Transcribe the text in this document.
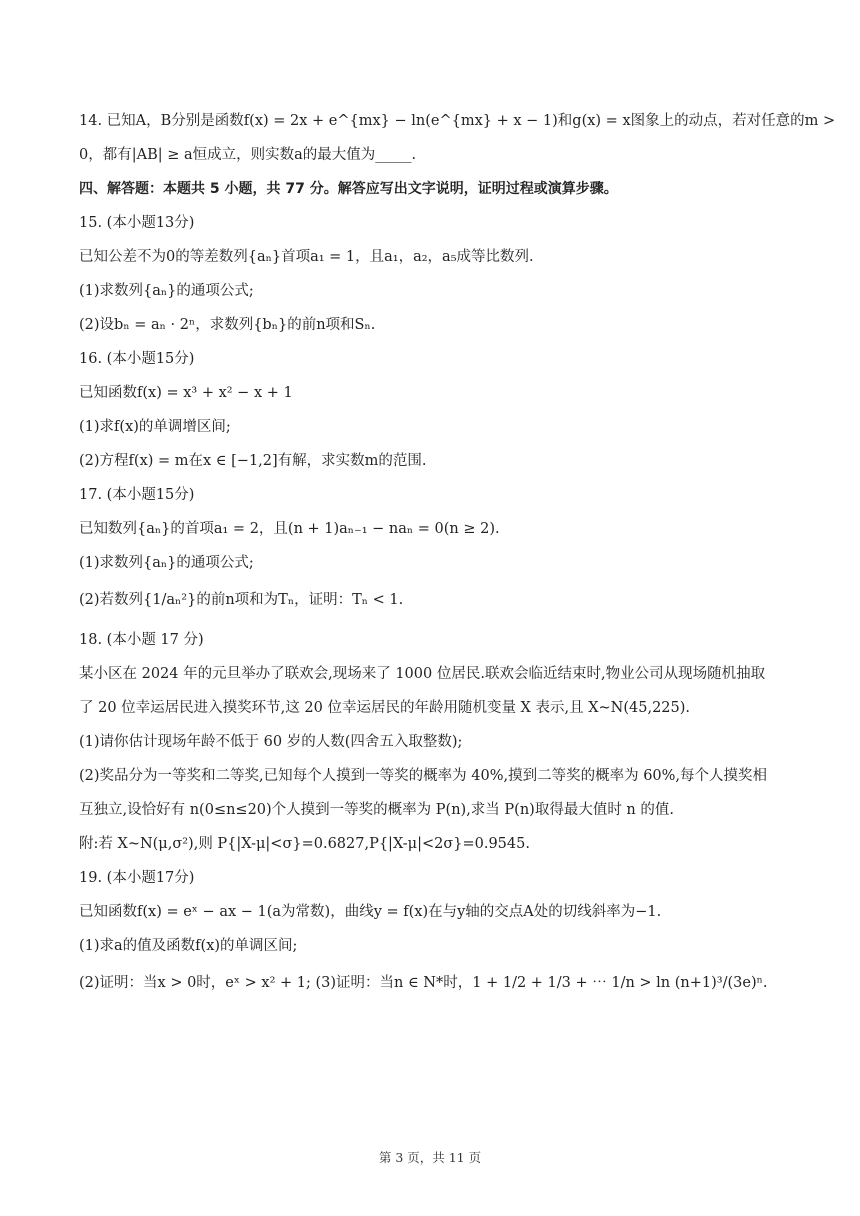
14. 已知A，B分别是函数f(x) = 2x + e^{mx} − ln(e^{mx} + x − 1)和g(x) = x图象上的动点，若对任意的m >
0，都有|AB| ≥ a恒成立，则实数a的最大值为_____.
四、解答题：本题共 5 小题，共 77 分。解答应写出文字说明，证明过程或演算步骤。
15. (本小题13分)
已知公差不为0的等差数列{aₙ}首项a₁ = 1，且a₁，a₂，a₅成等比数列.
(1)求数列{aₙ}的通项公式;
(2)设bₙ = aₙ · 2ⁿ，求数列{bₙ}的前n项和Sₙ.
16. (本小题15分)
已知函数f(x) = x³ + x² − x + 1
(1)求f(x)的单调增区间;
(2)方程f(x) = m在x ∈ [−1,2]有解，求实数m的范围.
17. (本小题15分)
已知数列{aₙ}的首项a₁ = 2，且(n + 1)aₙ₋₁ − naₙ = 0(n ≥ 2).
(1)求数列{aₙ}的通项公式;
(2)若数列{1/aₙ²}的前n项和为Tₙ，证明：Tₙ < 1.
18. (本小题 17 分)
某小区在 2024 年的元旦举办了联欢会,现场来了 1000 位居民.联欢会临近结束时,物业公司从现场随机抽取
了 20 位幸运居民进入摸奖环节,这 20 位幸运居民的年龄用随机变量 X 表示,且 X~N(45,225).
(1)请你估计现场年龄不低于 60 岁的人数(四舍五入取整数);
(2)奖品分为一等奖和二等奖,已知每个人摸到一等奖的概率为 40%,摸到二等奖的概率为 60%,每个人摸奖相
互独立,设恰好有 n(0≤n≤20)个人摸到一等奖的概率为 P(n),求当 P(n)取得最大值时 n 的值.
附:若 X~N(μ,σ²),则 P{|X-μ|<σ}=0.6827,P{|X-μ|<2σ}=0.9545.
19. (本小题17分)
已知函数f(x) = eˣ − ax − 1(a为常数)，曲线y = f(x)在与y轴的交点A处的切线斜率为−1.
(1)求a的值及函数f(x)的单调区间;
(2)证明：当x > 0时，eˣ > x² + 1; (3)证明：当n ∈ N*时，1 + 1/2 + 1/3 + ⋯ 1/n > ln (n+1)³/(3e)ⁿ.
第 3 页，共 11 页
